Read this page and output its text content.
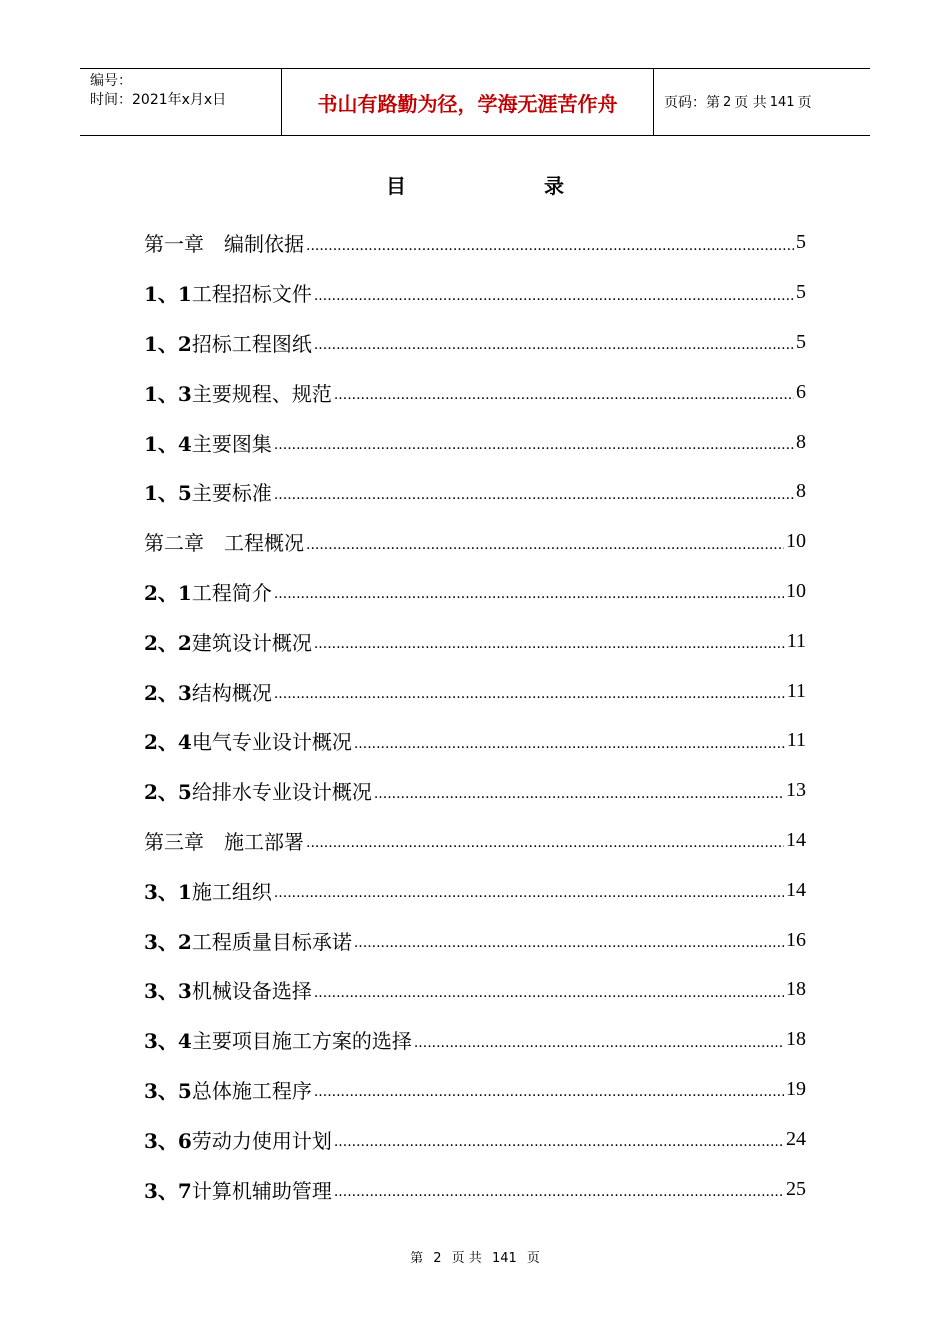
编号：
时间：2021年x月x日	书山有路勤为径，学海无涯苦作舟	页码：第 2 页 共 141 页
目	录
第一章　编制依据 .....	5
1、1工程招标文件 .....	5
1、2招标工程图纸 .....	5
1、3主要规程、规范 .....	6
1、4主要图集 .....	8
1、5主要标准 .....	8
第二章　工程概况 .....	10
2、1工程简介 .....	10
2、2建筑设计概况 .....	11
2、3结构概况 .....	11
2、4电气专业设计概况 .....	11
2、5给排水专业设计概况 .....	13
第三章　施工部署 .....	14
3、1施工组织 .....	14
3、2工程质量目标承诺 .....	16
3、3机械设备选择 .....	18
3、4主要项目施工方案的选择 .....	18
3、5总体施工程序 .....	19
3、6劳动力使用计划 .....	24
3、7计算机辅助管理 .....	25
第 2 页 共 141 页
